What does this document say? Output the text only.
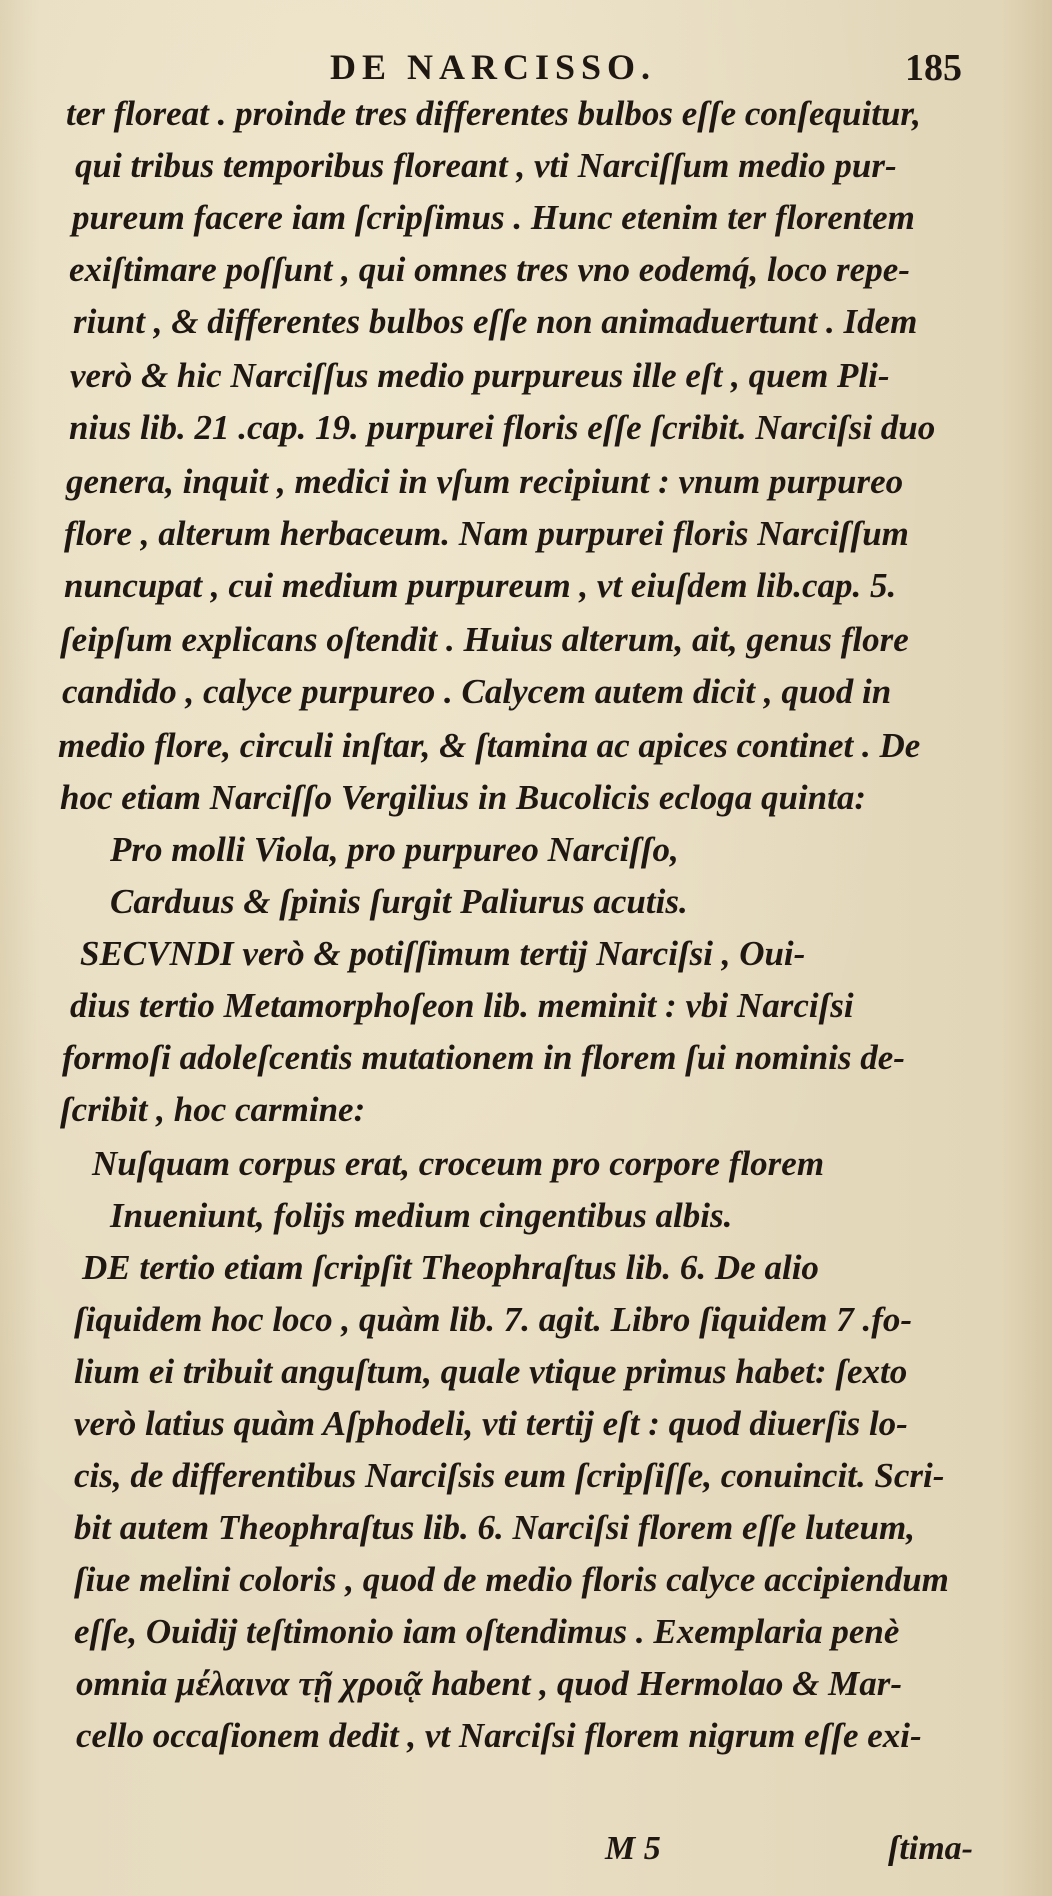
DE NARCISSO.	185
ter floreat . proinde tres differentes bulbos eſſe conſequitur,
qui tribus temporibus floreant , vti Narciſſum medio pur-
pureum facere iam ſcripſimus . Hunc etenim ter florentem
exiſtimare poſſunt , qui omnes tres vno eodemq́, loco repe-
riunt , & differentes bulbos eſſe non animaduertunt . Idem
verò & hic Narciſſus medio purpureus ille eſt , quem Pli-
nius lib. 21 .cap. 19. purpurei floris eſſe ſcribit. Narciſsi duo
genera, inquit , medici in vſum recipiunt : vnum purpureo
flore , alterum herbaceum. Nam purpurei floris Narciſſum
nuncupat , cui medium purpureum , vt eiuſdem lib.cap. 5.
ſeipſum explicans oſtendit . Huius alterum, ait, genus flore
candido , calyce purpureo . Calycem autem dicit , quod in
medio flore, circuli inſtar, & ſtamina ac apices continet . De
hoc etiam Narciſſo Vergilius in Bucolicis ecloga quinta:
Pro molli Viola, pro purpureo Narciſſo,
Carduus & ſpinis ſurgit Paliurus acutis.
SECVNDI verò & potiſſimum tertij Narciſsi , Oui-
dius tertio Metamorphoſeon lib. meminit : vbi Narciſsi
formoſi adoleſcentis mutationem in florem ſui nominis de-
ſcribit , hoc carmine:
Nuſquam corpus erat, croceum pro corpore florem
Inueniunt, folijs medium cingentibus albis.
DE tertio etiam ſcripſit Theophraſtus lib. 6. De alio
ſiquidem hoc loco , quàm lib. 7. agit. Libro ſiquidem 7 .fo-
lium ei tribuit anguſtum, quale vtique primus habet: ſexto
verò latius quàm Aſphodeli, vti tertij eſt : quod diuerſis lo-
cis, de differentibus Narciſsis eum ſcripſiſſe, conuincit. Scri-
bit autem Theophraſtus lib. 6. Narciſsi florem eſſe luteum,
ſiue melini coloris , quod de medio floris calyce accipiendum
eſſe, Ouidij teſtimonio iam oſtendimus . Exemplaria penè
omnia μέλαινα τῇ χροιᾷ habent , quod Hermolao & Mar-
cello occaſionem dedit , vt Narciſsi florem nigrum eſſe exi-
M 5	ſtima-
